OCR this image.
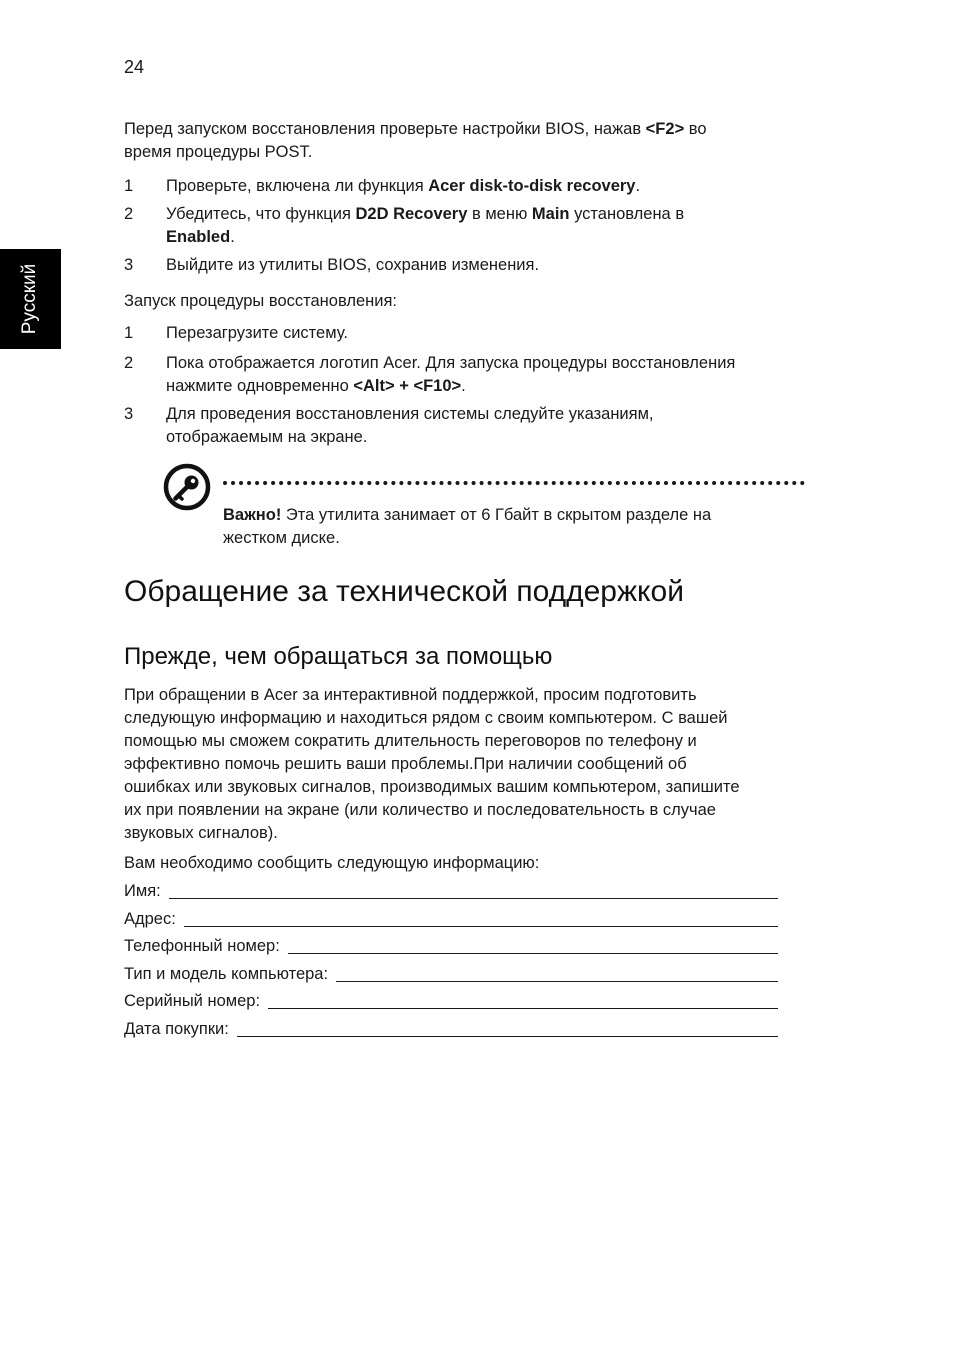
24
Русский
Перед запуском восстановления проверьте настройки BIOS, нажав <F2> во
время процедуры POST.
1 Проверьте, включена ли функция Acer disk-to-disk recovery.
2 Убедитесь, что функция D2D Recovery в меню Main установлена в
Enabled.
3 Выйдите из утилиты BIOS, сохранив изменения.
Запуск процедуры восстановления:
1 Перезагрузите систему.
2 Пока отображается логотип Acer. Для запуска процедуры восстановления
нажмите одновременно <Alt> + <F10>.
3 Для проведения восстановления системы следуйте указаниям,
отображаемым на экране.
Важно! Эта утилита занимает от 6 Гбайт в скрытом разделе на
жестком диске.
Обращение за технической поддержкой
Прежде, чем обращаться за помощью
При обращении в Acer за интерактивной поддержкой, просим подготовить
следующую информацию и находиться рядом с своим компьютером. С вашей
помощью мы сможем сократить длительность переговоров по телефону и
эффективно помочь решить ваши проблемы.При наличии сообщений об
ошибках или звуковых сигналов, производимых вашим компьютером, запишите
их при появлении на экране (или количество и последовательность в случае
звуковых сигналов).
Вам необходимо сообщить следующую информацию:
Имя:
Адрес:
Телефонный номер:
Тип и модель компьютера:
Серийный номер:
Дата покупки:
